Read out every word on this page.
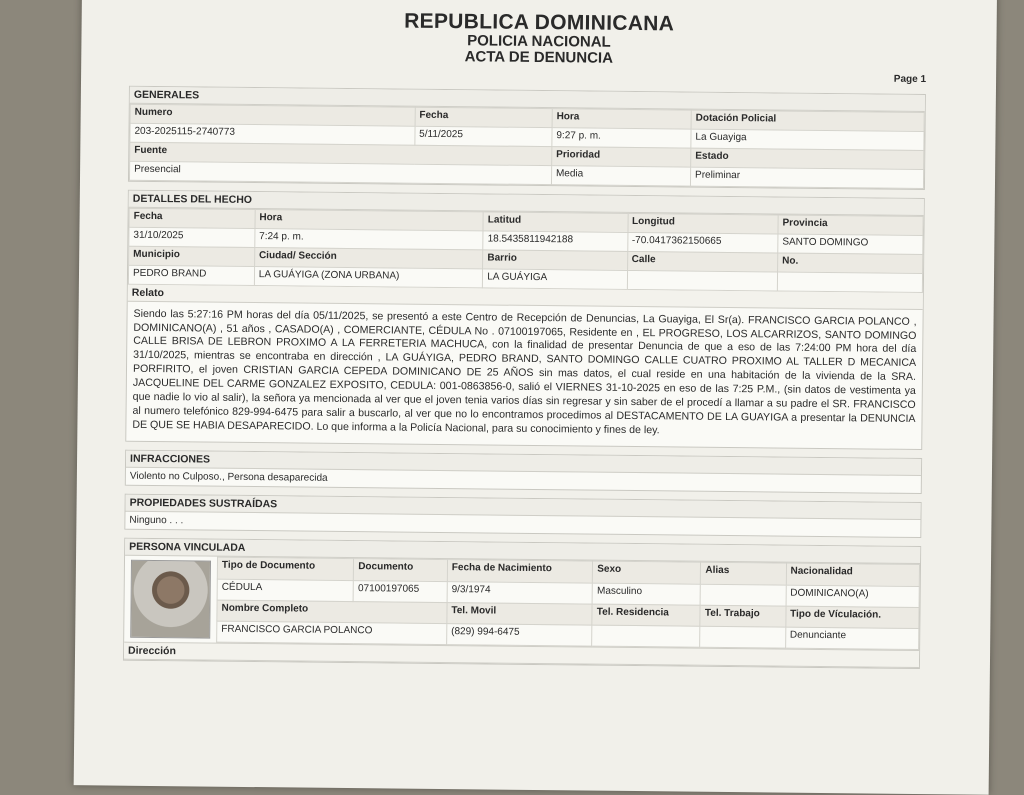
REPUBLICA DOMINICANA
POLICIA NACIONAL
ACTA DE DENUNCIA
Page 1
GENERALES
Numero	Fecha	Hora	Dotación Policial
203-2025115-2740773	5/11/2025	9:27 p. m.	La Guayiga
Fuente		Prioridad	Estado
Presencial		Media	Preliminar
DETALLES DEL HECHO
Fecha	Hora	Latitud	Longitud	Provincia
31/10/2025	7:24 p. m.	18.5435811942188	-70.0417362150665	SANTO DOMINGO
Municipio	Ciudad/ Sección	Barrio	Calle	No.
PEDRO BRAND	LA GUÁYIGA (ZONA URBANA)	LA GUÁYIGA		
Relato
Siendo las 5:27:16 PM horas del día 05/11/2025, se presentó a este Centro de Recepción de Denuncias, La Guayiga, El Sr(a). FRANCISCO GARCIA POLANCO , DOMINICANO(A) , 51 años , CASADO(A) , COMERCIANTE, CÉDULA No . 07100197065, Residente en , EL PROGRESO, LOS ALCARRIZOS, SANTO DOMINGO CALLE BRISA DE LEBRON PROXIMO A LA FERRETERIA MACHUCA, con la finalidad de presentar Denuncia de que a eso de las 7:24:00 PM hora del día 31/10/2025, mientras se encontraba en dirección , LA GUÁYIGA, PEDRO BRAND, SANTO DOMINGO CALLE CUATRO PROXIMO AL TALLER D MECANICA PORFIRITO, el joven CRISTIAN GARCIA CEPEDA DOMINICANO DE 25 AÑOS sin mas datos, el cual reside en una habitación de la vivienda de la SRA. JACQUELINE DEL CARME GONZALEZ EXPOSITO, CEDULA: 001-0863856-0, salió el VIERNES 31-10-2025 en eso de las 7:25 P.M., (sin datos de vestimenta ya que nadie lo vio al salir), la señora ya mencionada al ver que el joven tenia varios días sin regresar y sin saber de el procedí a llamar a su padre el SR. FRANCISCO al numero telefónico 829-994-6475 para salir a buscarlo, al ver que no lo encontramos procedimos al DESTACAMENTO DE LA GUAYIGA a presentar la DENUNCIA DE QUE SE HABIA DESAPARECIDO. Lo que informa a la Policía Nacional, para su conocimiento y fines de ley.
INFRACCIONES
Violento no Culposo., Persona desaparecida
PROPIEDADES SUSTRAÍDAS
Ninguno . . .
PERSONA VINCULADA
Tipo de Documento	Documento	Fecha de Nacimiento	Sexo	Alias	Nacionalidad
CÉDULA	07100197065	9/3/1974	Masculino		DOMINICANO(A)
Nombre Completo		Tel. Movil	Tel. Residencia	Tel. Trabajo	Tipo de Vículación.
FRANCISCO GARCIA POLANCO		(829) 994-6475			Denunciante
Dirección
